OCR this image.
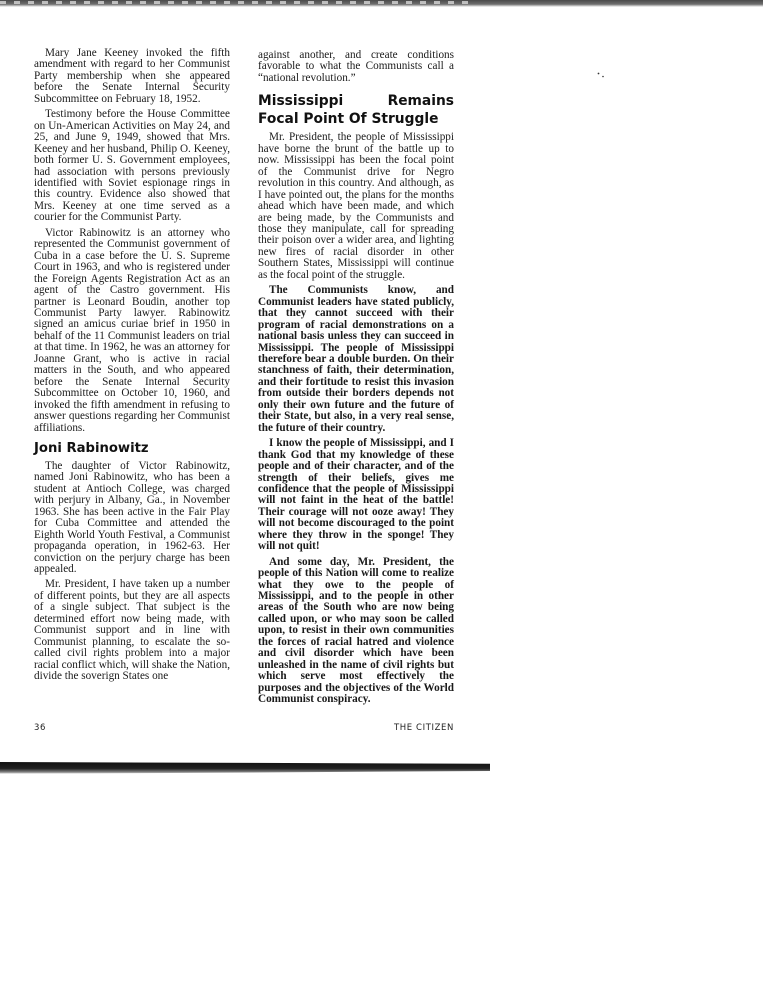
Mary Jane Keeney invoked the fifth amendment with regard to her Communist Party membership when she appeared before the Senate Internal Security Subcommittee on February 18, 1952.

Testimony before the House Committee on Un-American Activities on May 24, and 25, and June 9, 1949, showed that Mrs. Keeney and her husband, Philip O. Keeney, both former U. S. Government employees, had association with persons previously identified with Soviet espionage rings in this country. Evidence also showed that Mrs. Keeney at one time served as a courier for the Communist Party.

Victor Rabinowitz is an attorney who represented the Communist government of Cuba in a case before the U. S. Supreme Court in 1963, and who is registered under the Foreign Agents Registration Act as an agent of the Castro government. His partner is Leonard Boudin, another top Communist Party lawyer. Rabinowitz signed an amicus curiae brief in 1950 in behalf of the 11 Communist leaders on trial at that time. In 1962, he was an attorney for Joanne Grant, who is active in racial matters in the South, and who appeared before the Senate Internal Security Subcommittee on October 10, 1960, and invoked the fifth amendment in refusing to answer questions regarding her Communist affiliations.

Joni Rabinowitz

The daughter of Victor Rabinowitz, named Joni Rabinowitz, who has been a student at Antioch College, was charged with perjury in Albany, Ga., in November 1963. She has been active in the Fair Play for Cuba Committee and attended the Eighth World Youth Festival, a Communist propaganda operation, in 1962-63. Her conviction on the perjury charge has been appealed.

Mr. President, I have taken up a number of different points, but they are all aspects of a single subject. That subject is the determined effort now being made, with Communist support and in line with Communist planning, to escalate the so-called civil rights problem into a major racial conflict which, will shake the Nation, divide the soverign States one

against another, and create conditions favorable to what the Communists call a “national revolution.”

Mississippi Remains Focal Point Of Struggle

Mr. President, the people of Mississippi have borne the brunt of the battle up to now. Mississippi has been the focal point of the Communist drive for Negro revolution in this country. And although, as I have pointed out, the plans for the months ahead which have been made, and which are being made, by the Communists and those they manipulate, call for spreading their poison over a wider area, and lighting new fires of racial disorder in other Southern States, Mississippi will continue as the focal point of the struggle.

The Communists know, and Communist leaders have stated publicly, that they cannot succeed with their program of racial demonstrations on a national basis unless they can succeed in Mississippi. The people of Mississippi therefore bear a double burden. On their stanchness of faith, their determination, and their fortitude to resist this invasion from outside their borders depends not only their own future and the future of their State, but also, in a very real sense, the future of their country.

I know the people of Mississippi, and I thank God that my knowledge of these people and of their character, and of the strength of their beliefs, gives me confidence that the people of Mississippi will not faint in the heat of the battle! Their courage will not ooze away! They will not become discouraged to the point where they throw in the sponge! They will not quit!

And some day, Mr. President, the people of this Nation will come to realize what they owe to the people of Mississippi, and to the people in other areas of the South who are now being called upon, or who may soon be called upon, to resist in their own communities the forces of racial hatred and violence and civil disorder which have been unleashed in the name of civil rights but which serve most effectively the purposes and the objectives of the World Communist conspiracy.

36	THE CITIZEN
